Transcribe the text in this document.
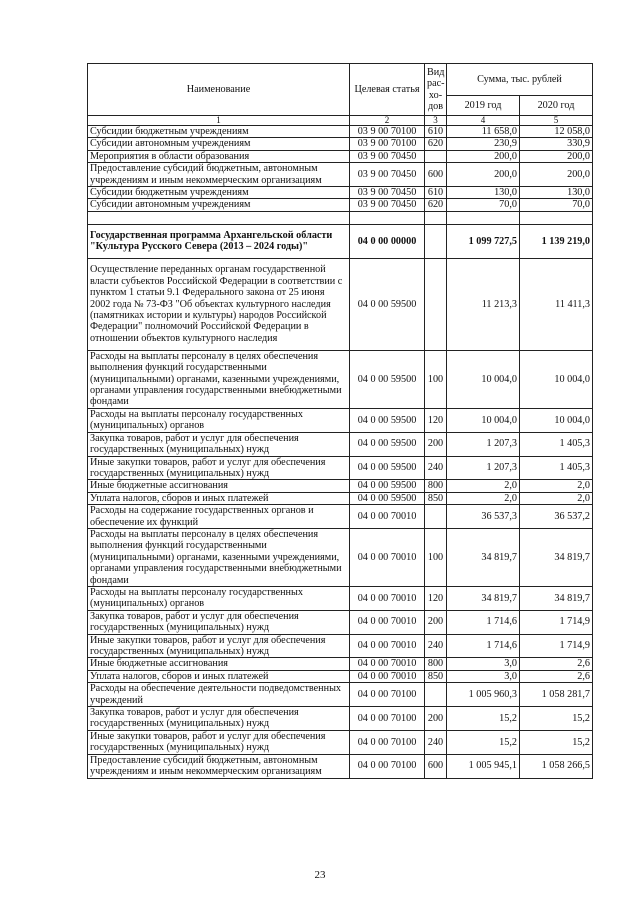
Наименование	Целевая статья	Вид рас-хо-дов	Сумма, тыс. рублей	
			2019 год	2020 год
1	2	3	4	5
Субсидии бюджетным учреждениям	03 9 00 70100	610	11 658,0	12 058,0
Субсидии автономным учреждениям	03 9 00 70100	620	230,9	330,9
Мероприятия в области образования	03 9 00 70450		200,0	200,0
Предоставление субсидий бюджетным, автономным учреждениям и иным некоммерческим организациям	03 9 00 70450	600	200,0	200,0
Субсидии бюджетным учреждениям	03 9 00 70450	610	130,0	130,0
Субсидии автономным учреждениям	03 9 00 70450	620	70,0	70,0

Государственная программа Архангельской области "Культура Русского Севера (2013 – 2024 годы)"	04 0 00 00000		1 099 727,5	1 139 219,0
Осуществление переданных органам государственной власти субъектов Российской Федерации в соответствии с пунктом 1 статьи 9.1 Федерального закона от 25 июня 2002 года № 73-ФЗ "Об объектах культурного наследия (памятниках истории и культуры) народов Российской Федерации" полномочий Российской Федерации в отношении объектов культурного наследия	04 0 00 59500		11 213,3	11 411,3
Расходы на выплаты персоналу в целях обеспечения выполнения функций государственными (муниципальными) органами, казенными учреждениями, органами управления государственными внебюджетными фондами	04 0 00 59500	100	10 004,0	10 004,0
Расходы на выплаты персоналу государственных (муниципальных) органов	04 0 00 59500	120	10 004,0	10 004,0
Закупка товаров, работ и услуг для обеспечения государственных (муниципальных) нужд	04 0 00 59500	200	1 207,3	1 405,3
Иные закупки товаров, работ и услуг для обеспечения государственных (муниципальных) нужд	04 0 00 59500	240	1 207,3	1 405,3
Иные бюджетные ассигнования	04 0 00 59500	800	2,0	2,0
Уплата налогов, сборов и иных платежей	04 0 00 59500	850	2,0	2,0
Расходы на содержание государственных органов и обеспечение их функций	04 0 00 70010		36 537,3	36 537,2
Расходы на выплаты персоналу в целях обеспечения выполнения функций государственными (муниципальными) органами, казенными учреждениями, органами управления государственными внебюджетными фондами	04 0 00 70010	100	34 819,7	34 819,7
Расходы на выплаты персоналу государственных (муниципальных) органов	04 0 00 70010	120	34 819,7	34 819,7
Закупка товаров, работ и услуг для обеспечения государственных (муниципальных) нужд	04 0 00 70010	200	1 714,6	1 714,9
Иные закупки товаров, работ и услуг для обеспечения государственных (муниципальных) нужд	04 0 00 70010	240	1 714,6	1 714,9
Иные бюджетные ассигнования	04 0 00 70010	800	3,0	2,6
Уплата налогов, сборов и иных платежей	04 0 00 70010	850	3,0	2,6
Расходы на обеспечение деятельности подведомственных учреждений	04 0 00 70100		1 005 960,3	1 058 281,7
Закупка товаров, работ и услуг для обеспечения государственных (муниципальных) нужд	04 0 00 70100	200	15,2	15,2
Иные закупки товаров, работ и услуг для обеспечения государственных (муниципальных) нужд	04 0 00 70100	240	15,2	15,2
Предоставление субсидий бюджетным, автономным учреждениям и иным некоммерческим организациям	04 0 00 70100	600	1 005 945,1	1 058 266,5
23
